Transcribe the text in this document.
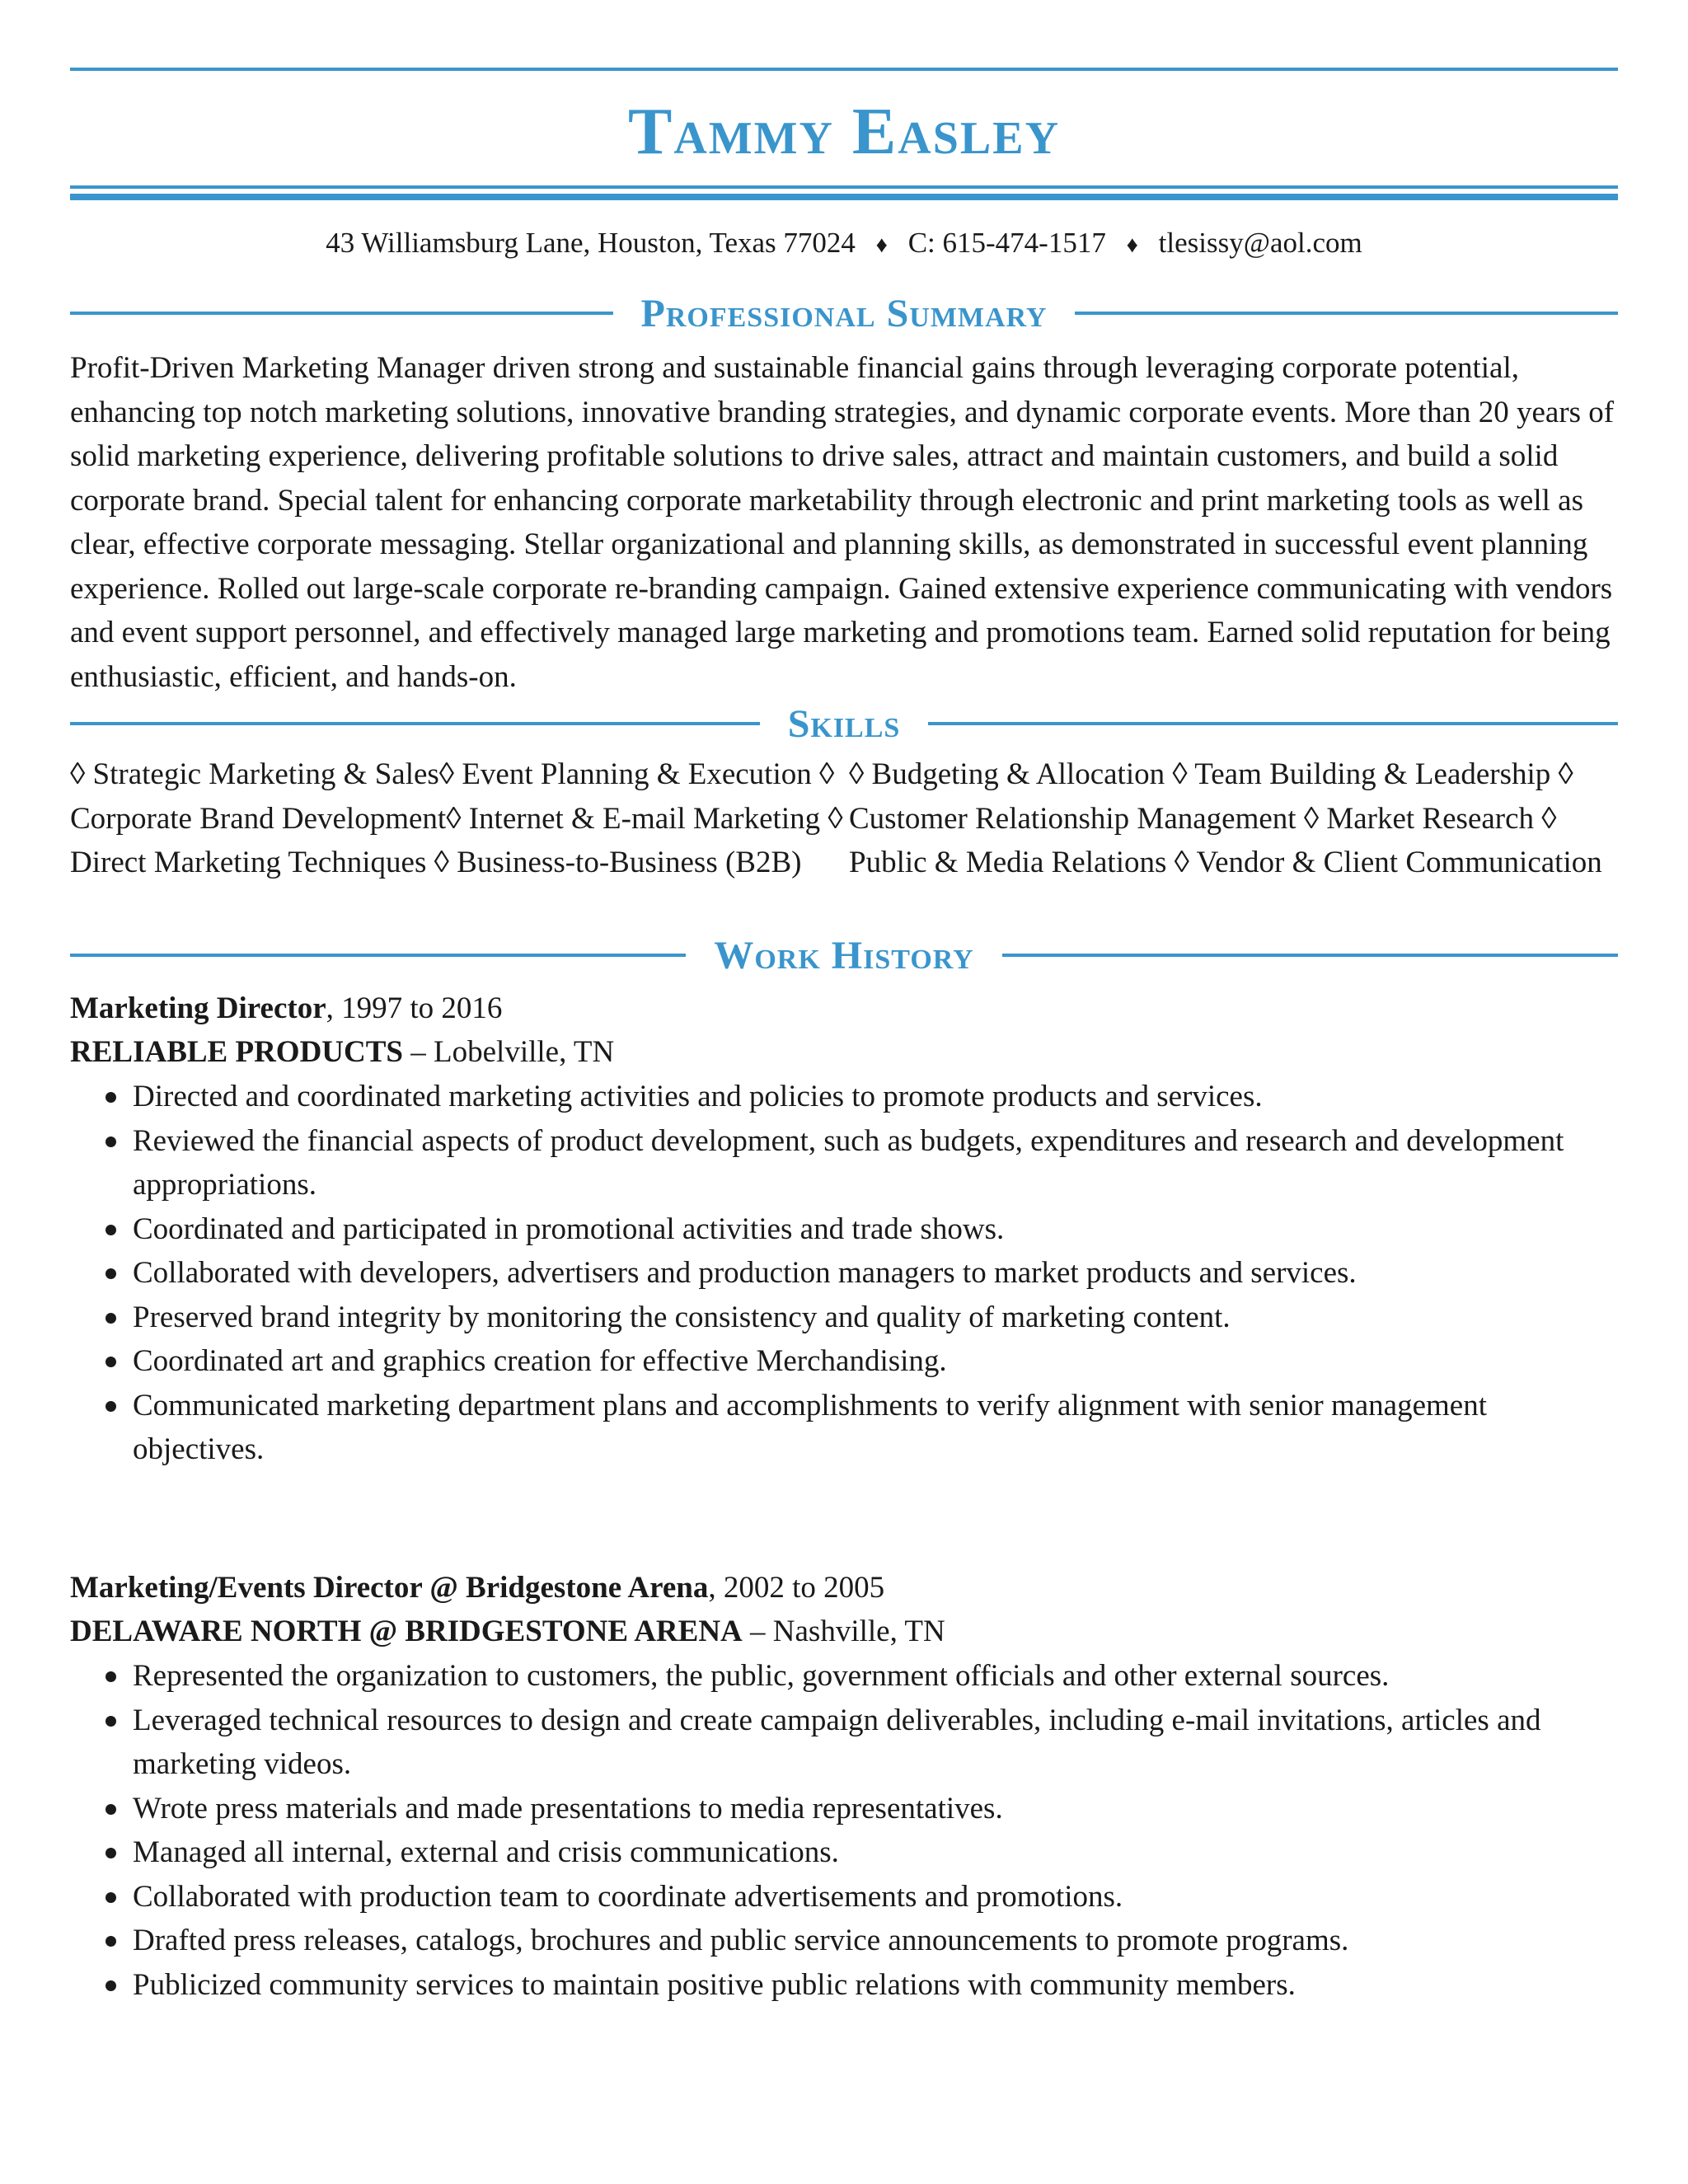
Tammy Easley
43 Williamsburg Lane, Houston, Texas 77024 ♦ C: 615-474-1517 ♦ tlesissy@aol.com
Professional Summary
Profit-Driven Marketing Manager driven strong and sustainable financial gains through leveraging corporate potential, enhancing top notch marketing solutions, innovative branding strategies, and dynamic corporate events. More than 20 years of solid marketing experience, delivering profitable solutions to drive sales, attract and maintain customers, and build a solid corporate brand. Special talent for enhancing corporate marketability through electronic and print marketing tools as well as clear, effective corporate messaging. Stellar organizational and planning skills, as demonstrated in successful event planning experience. Rolled out large-scale corporate re-branding campaign. Gained extensive experience communicating with vendors and event support personnel, and effectively managed large marketing and promotions team. Earned solid reputation for being enthusiastic, efficient, and hands-on.
Skills
◊ Strategic Marketing & Sales◊ Event Planning & Execution ◊ Corporate Brand Development◊ Internet & E-mail Marketing ◊ Direct Marketing Techniques ◊ Business-to-Business (B2B)
◊ Budgeting & Allocation ◊ Team Building & Leadership ◊ Customer Relationship Management ◊ Market Research ◊ Public & Media Relations ◊ Vendor & Client Communication
Work History
Marketing Director, 1997 to 2016
RELIABLE PRODUCTS – Lobelville, TN
Directed and coordinated marketing activities and policies to promote products and services.
Reviewed the financial aspects of product development, such as budgets, expenditures and research and development appropriations.
Coordinated and participated in promotional activities and trade shows.
Collaborated with developers, advertisers and production managers to market products and services.
Preserved brand integrity by monitoring the consistency and quality of marketing content.
Coordinated art and graphics creation for effective Merchandising.
Communicated marketing department plans and accomplishments to verify alignment with senior management objectives.
Marketing/Events Director @ Bridgestone Arena, 2002 to 2005
DELAWARE NORTH @ BRIDGESTONE ARENA – Nashville, TN
Represented the organization to customers, the public, government officials and other external sources.
Leveraged technical resources to design and create campaign deliverables, including e-mail invitations, articles and marketing videos.
Wrote press materials and made presentations to media representatives.
Managed all internal, external and crisis communications.
Collaborated with production team to coordinate advertisements and promotions.
Drafted press releases, catalogs, brochures and public service announcements to promote programs.
Publicized community services to maintain positive public relations with community members.
